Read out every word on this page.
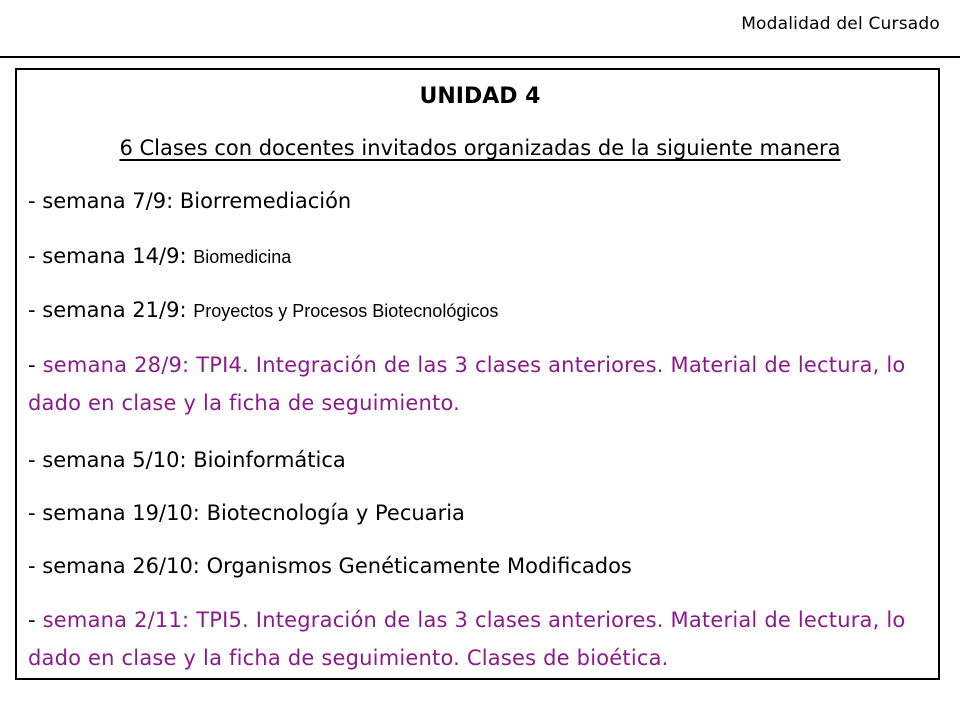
Modalidad del Cursado
UNIDAD 4
6 Clases con docentes invitados organizadas de la siguiente manera
- semana 7/9: Biorremediación
- semana 14/9: Biomedicina
- semana 21/9: Proyectos y Procesos Biotecnológicos
- semana 28/9: TPI4. Integración de las 3 clases anteriores. Material de lectura, lo dado en clase y la ficha de seguimiento.
- semana 5/10: Bioinformática
- semana 19/10: Biotecnología y Pecuaria
- semana 26/10: Organismos Genéticamente Modificados
- semana 2/11: TPI5. Integración de las 3 clases anteriores. Material de lectura, lo dado en clase y la ficha de seguimiento. Clases de bioética.
